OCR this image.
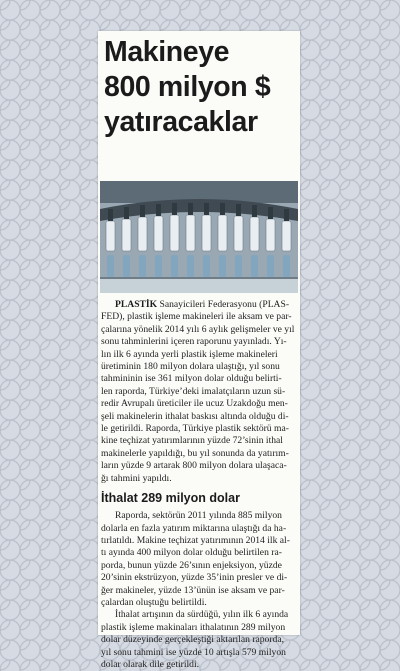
Makineye
800 milyon $
yatıracaklar
PLASTİK Sanayicileri Federasyonu (PLAS-
FED), plastik işleme makineleri ile aksam ve par-
çalarına yönelik 2014 yılı 6 aylık gelişmeler ve yıl
sonu tahminlerini içeren raporunu yayınladı. Yı-
lın ilk 6 ayında yerli plastik işleme makineleri
üretiminin 180 milyon dolara ulaştığı, yıl sonu
tahmininin ise 361 milyon dolar olduğu belirti-
len raporda, Türkiye’deki imalatçıların uzun sü-
redir Avrupalı üreticiler ile ucuz Uzakdoğu men-
şeli makinelerin ithalat baskısı altında olduğu di-
le getirildi. Raporda, Türkiye plastik sektörü ma-
kine teçhizat yatırımlarının yüzde 72’sinin ithal
makinelerle yapıldığı, bu yıl sonunda da yatırım-
ların yüzde 9 artarak 800 milyon dolara ulaşaca-
ğı tahmini yapıldı.
İthalat 289 milyon dolar
Raporda, sektörün 2011 yılında 885 milyon
dolarla en fazla yatırım miktarına ulaştığı da ha-
tırlatıldı. Makine teçhizat yatırımının 2014 ilk al-
tı ayında 400 milyon dolar olduğu belirtilen ra-
porda, bunun yüzde 26’sının enjeksiyon, yüzde
20’sinin ekstrüzyon, yüzde 35’inin presler ve di-
ğer makineler, yüzde 13’ünün ise aksam ve par-
çalardan oluştuğu belirtildi.
İthalat artışının da sürdüğü, yılın ilk 6 ayında
plastik işleme makinaları ithalatının 289 milyon
dolar düzeyinde gerçekleştiği aktarılan raporda,
yıl sonu tahmini ise yüzde 10 artışla 579 milyon
dolar olarak dile getirildi.
